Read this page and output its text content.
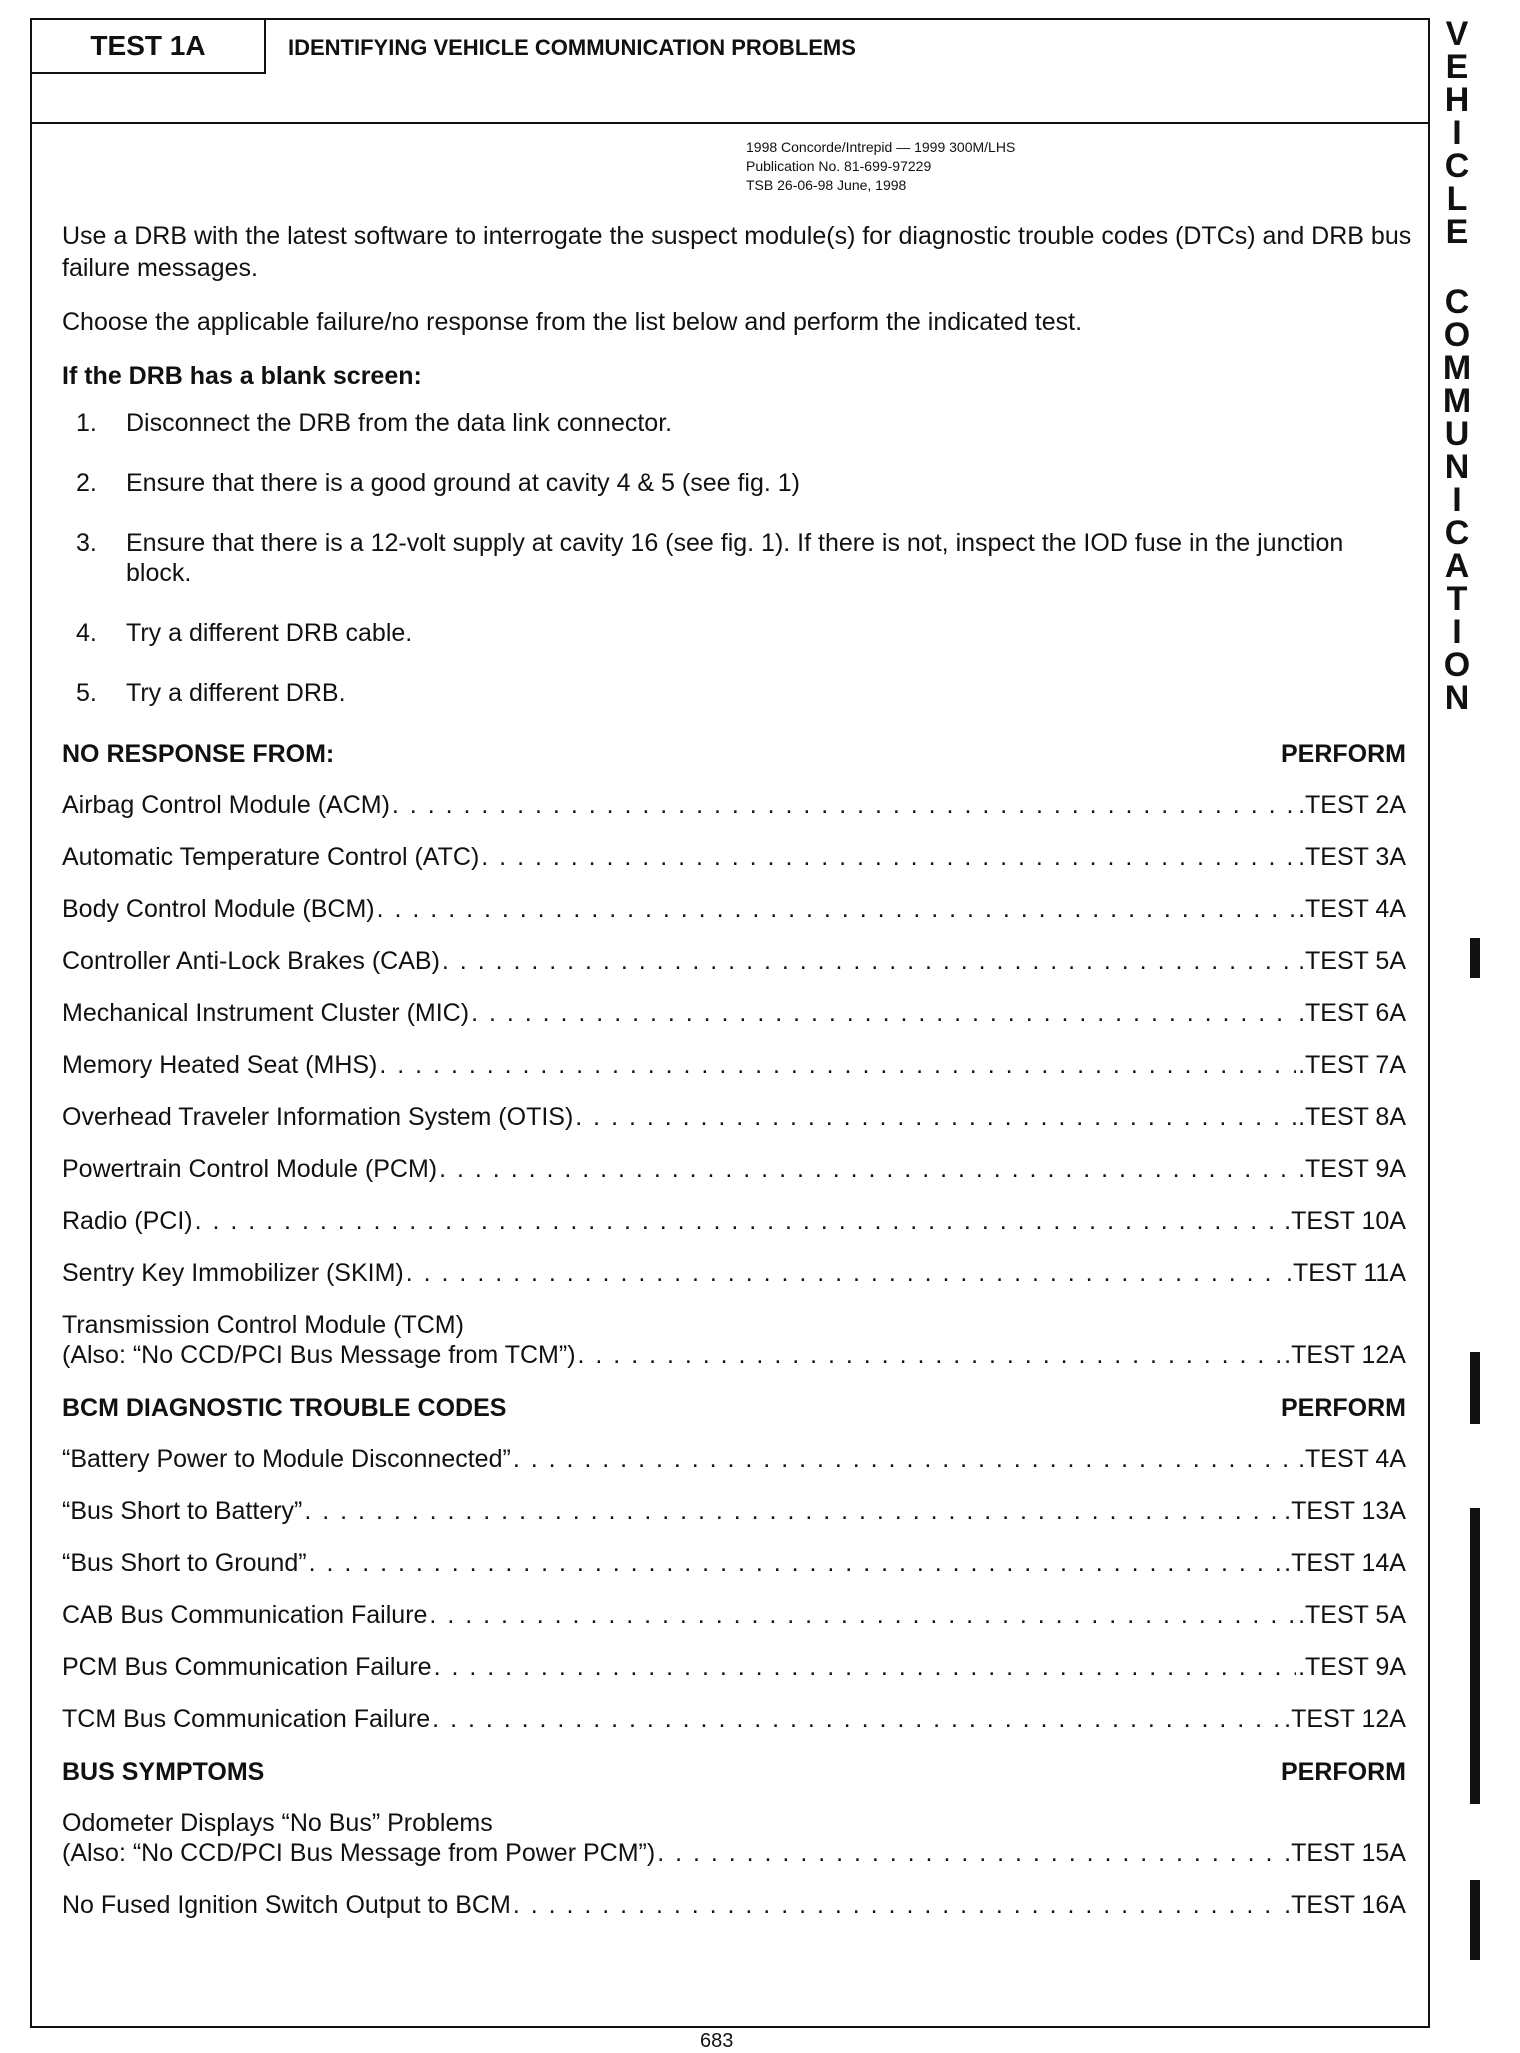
TEST 1A	IDENTIFYING VEHICLE COMMUNICATION PROBLEMS
1998 Concorde/Intrepid — 1999 300M/LHS
Publication No. 81-699-97229
TSB 26-06-98 June, 1998

Use a DRB with the latest software to interrogate the suspect module(s) for diagnostic trouble codes (DTCs) and DRB bus failure messages.

Choose the applicable failure/no response from the list below and perform the indicated test.

If the DRB has a blank screen:
1. Disconnect the DRB from the data link connector.
2. Ensure that there is a good ground at cavity 4 & 5 (see fig. 1)
3. Ensure that there is a 12-volt supply at cavity 16 (see fig. 1). If there is not, inspect the IOD fuse in the junction block.
4. Try a different DRB cable.
5. Try a different DRB.
NO RESPONSE FROM:	PERFORM
Airbag Control Module (ACM) . . .	.TEST 2A
Automatic Temperature Control (ATC) . . .	.TEST 3A
Body Control Module (BCM) . . .	.TEST 4A
Controller Anti-Lock Brakes (CAB) . . .	.TEST 5A
Mechanical Instrument Cluster (MIC) . . .	.TEST 6A
Memory Heated Seat (MHS) . . .	.TEST 7A
Overhead Traveler Information System (OTIS) . . .	.TEST 8A
Powertrain Control Module (PCM) . . .	.TEST 9A
Radio (PCI) . . .	.TEST 10A
Sentry Key Immobilizer (SKIM) . . .	.TEST 11A
Transmission Control Module (TCM)
(Also: “No CCD/PCI Bus Message from TCM”) . . .	.TEST 12A
BCM DIAGNOSTIC TROUBLE CODES	PERFORM
“Battery Power to Module Disconnected” . . .	.TEST 4A
“Bus Short to Battery” . . .	.TEST 13A
“Bus Short to Ground” . . .	.TEST 14A
CAB Bus Communication Failure . . .	.TEST 5A
PCM Bus Communication Failure . . .	.TEST 9A
TCM Bus Communication Failure . . .	.TEST 12A
BUS SYMPTOMS	PERFORM
Odometer Displays “No Bus” Problems
(Also: “No CCD/PCI Bus Message from Power PCM”) . . .	.TEST 15A
No Fused Ignition Switch Output to BCM . . .	.TEST 16A
V
E
H
I
C
L
E
C
O
M
M
U
N
I
C
A
T
I
O
N
683
